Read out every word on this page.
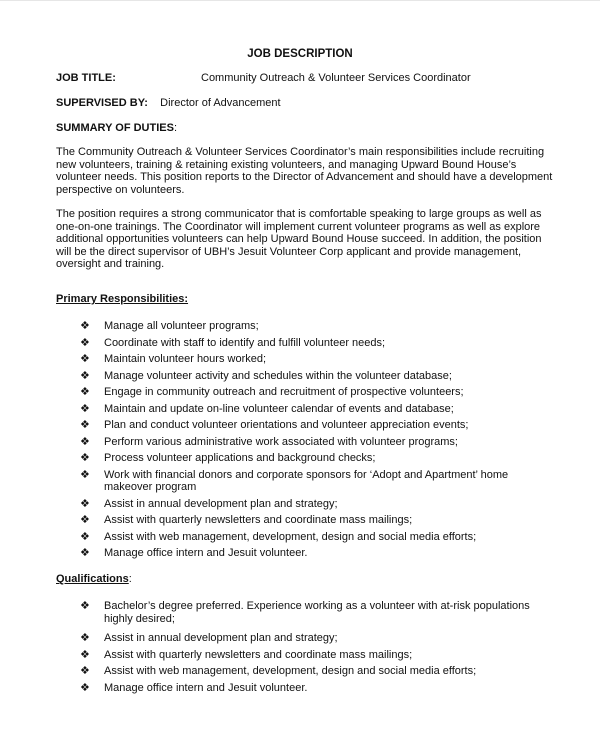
JOB DESCRIPTION
JOB TITLE:	Community Outreach & Volunteer Services Coordinator
SUPERVISED BY: Director of Advancement
SUMMARY OF DUTIES:

The Community Outreach & Volunteer Services Coordinator’s main responsibilities include recruiting new volunteers, training & retaining existing volunteers, and managing Upward Bound House’s volunteer needs. This position reports to the Director of Advancement and should have a development perspective on volunteers.

The position requires a strong communicator that is comfortable speaking to large groups as well as one-on-one trainings. The Coordinator will implement current volunteer programs as well as explore additional opportunities volunteers can help Upward Bound House succeed. In addition, the position will be the direct supervisor of UBH’s Jesuit Volunteer Corp applicant and provide management, oversight and training.

Primary Responsibilities:
❖ Manage all volunteer programs;
❖ Coordinate with staff to identify and fulfill volunteer needs;
❖ Maintain volunteer hours worked;
❖ Manage volunteer activity and schedules within the volunteer database;
❖ Engage in community outreach and recruitment of prospective volunteers;
❖ Maintain and update on-line volunteer calendar of events and database;
❖ Plan and conduct volunteer orientations and volunteer appreciation events;
❖ Perform various administrative work associated with volunteer programs;
❖ Process volunteer applications and background checks;
❖ Work with financial donors and corporate sponsors for ‘Adopt and Apartment’ home makeover program
❖ Assist in annual development plan and strategy;
❖ Assist with quarterly newsletters and coordinate mass mailings;
❖ Assist with web management, development, design and social media efforts;
❖ Manage office intern and Jesuit volunteer.
Qualifications:
❖ Bachelor’s degree preferred. Experience working as a volunteer with at-risk populations highly desired;
❖ Assist in annual development plan and strategy;
❖ Assist with quarterly newsletters and coordinate mass mailings;
❖ Assist with web management, development, design and social media efforts;
❖ Manage office intern and Jesuit volunteer.
